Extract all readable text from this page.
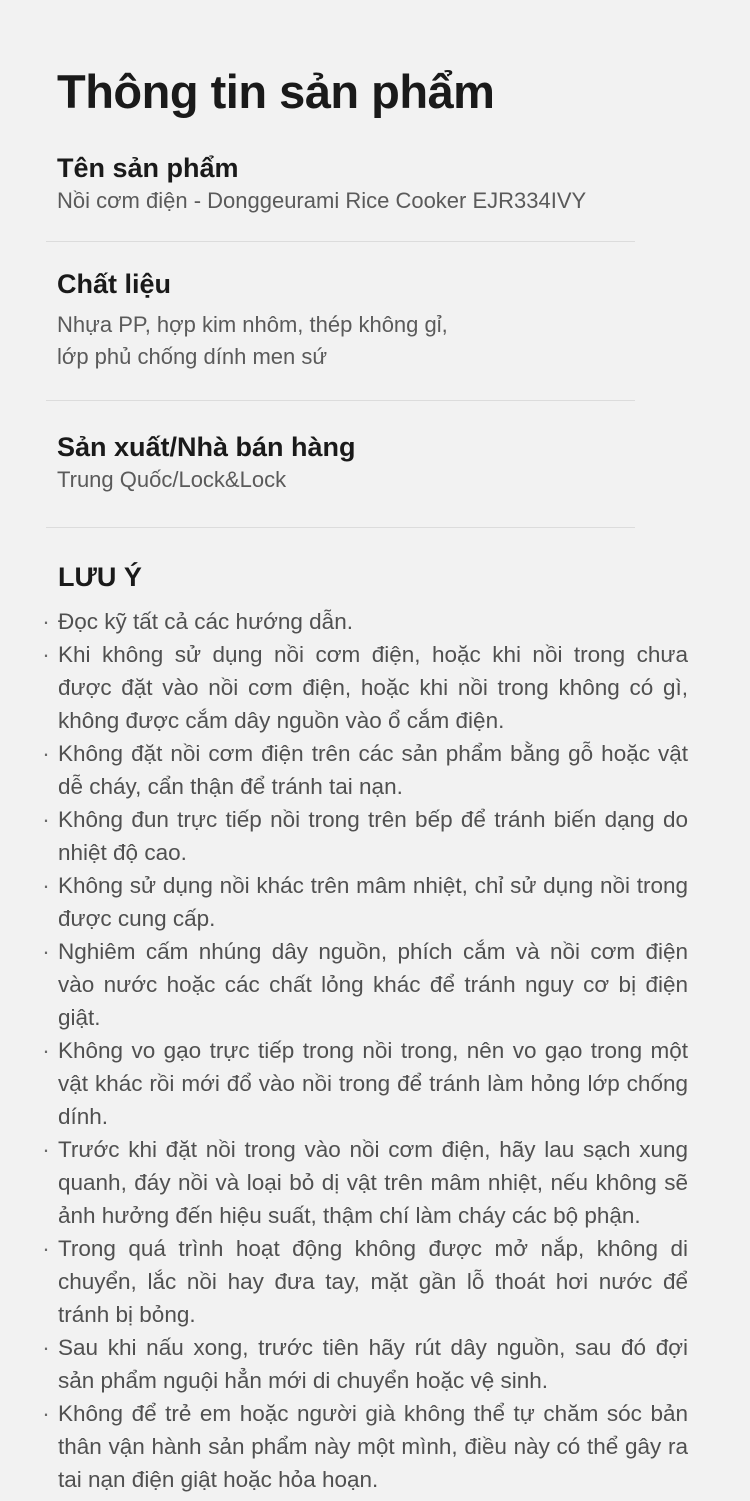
Thông tin sản phẩm

Tên sản phẩm

Nồi cơm điện - Donggeurami Rice Cooker EJR334IVY

Chất liệu

Nhựa PP, hợp kim nhôm, thép không gỉ,
lớp phủ chống dính men sứ

Sản xuất/Nhà bán hàng

Trung Quốc/Lock&Lock

LƯU Ý

· Đọc kỹ tất cả các hướng dẫn.
· Khi không sử dụng nồi cơm điện, hoặc khi nồi trong chưa được đặt vào nồi cơm điện, hoặc khi nồi trong không có gì, không được cắm dây nguồn vào ổ cắm điện.
· Không đặt nồi cơm điện trên các sản phẩm bằng gỗ hoặc vật dễ cháy, cẩn thận để tránh tai nạn.
· Không đun trực tiếp nồi trong trên bếp để tránh biến dạng do nhiệt độ cao.
· Không sử dụng nồi khác trên mâm nhiệt, chỉ sử dụng nồi trong được cung cấp.
· Nghiêm cấm nhúng dây nguồn, phích cắm và nồi cơm điện vào nước hoặc các chất lỏng khác để tránh nguy cơ bị điện giật.
· Không vo gạo trực tiếp trong nồi trong, nên vo gạo trong một vật khác rồi mới đổ vào nồi trong để tránh làm hỏng lớp chống dính.
· Trước khi đặt nồi trong vào nồi cơm điện, hãy lau sạch xung quanh, đáy nồi và loại bỏ dị vật trên mâm nhiệt, nếu không sẽ ảnh hưởng đến hiệu suất, thậm chí làm cháy các bộ phận.
· Trong quá trình hoạt động không được mở nắp, không di chuyển, lắc nồi hay đưa tay, mặt gần lỗ thoát hơi nước để tránh bị bỏng.
· Sau khi nấu xong, trước tiên hãy rút dây nguồn, sau đó đợi sản phẩm nguội hẳn mới di chuyển hoặc vệ sinh.
· Không để trẻ em hoặc người già không thể tự chăm sóc bản thân vận hành sản phẩm này một mình, điều này có thể gây ra tai nạn điện giật hoặc hỏa hoạn.
